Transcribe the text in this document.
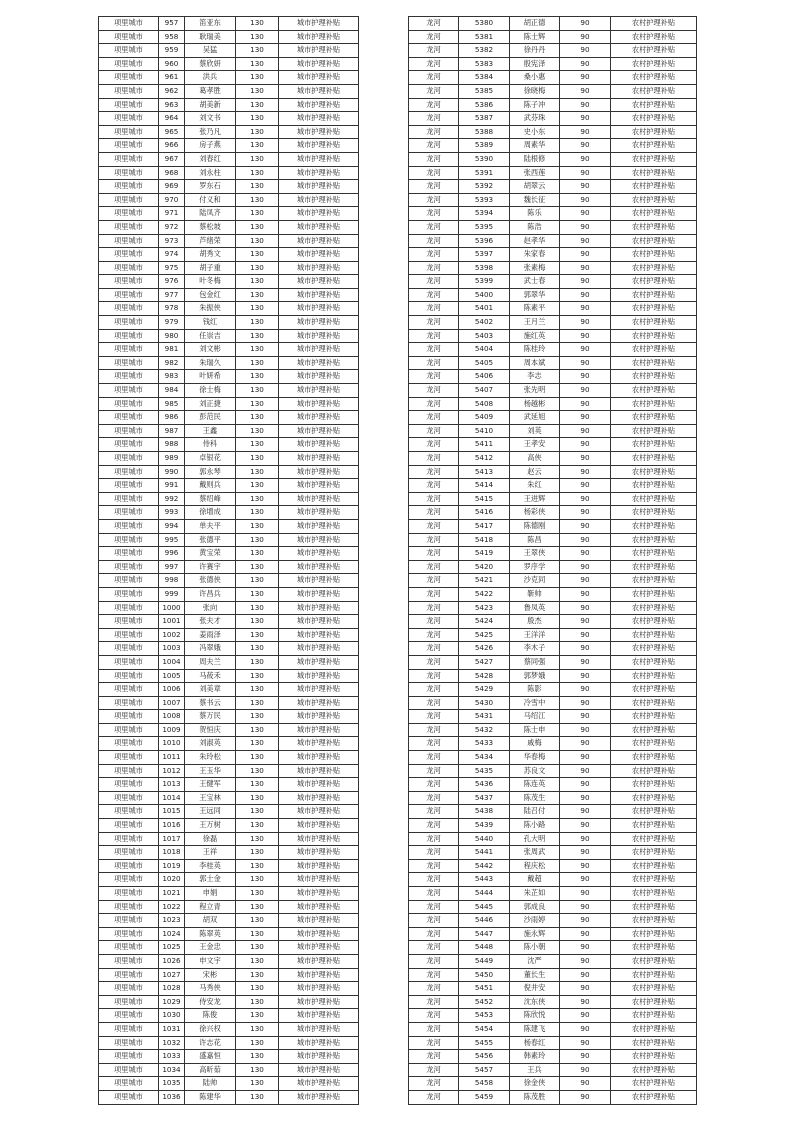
项里城市	957	笛亚东	130	城市护理补贴
项里城市	958	耿瑞美	130	城市护理补贴
项里城市	959	吴猛	130	城市护理补贴
项里城市	960	蔡欣妍	130	城市护理补贴
项里城市	961	洪兵	130	城市护理补贴
项里城市	962	葛孝胜	130	城市护理补贴
项里城市	963	胡美新	130	城市护理补贴
项里城市	964	刘文书	130	城市护理补贴
项里城市	965	张乃凡	130	城市护理补贴
项里城市	966	房子燕	130	城市护理补贴
项里城市	967	刘春红	130	城市护理补贴
项里城市	968	刘永柱	130	城市护理补贴
项里城市	969	罗东石	130	城市护理补贴
项里城市	970	付义和	130	城市护理补贴
项里城市	971	陆凤齐	130	城市护理补贴
项里城市	972	蔡松坡	130	城市护理补贴
项里城市	973	芦绪荣	130	城市护理补贴
项里城市	974	胡秀文	130	城市护理补贴
项里城市	975	胡子重	130	城市护理补贴
项里城市	976	叶冬梅	130	城市护理补贴
项里城市	977	包金红	130	城市护理补贴
项里城市	978	朱振侠	130	城市护理补贴
项里城市	979	钱红	130	城市护理补贴
项里城市	980	任崇吉	130	城市护理补贴
项里城市	981	刘文彬	130	城市护理补贴
项里城市	982	朱瑞久	130	城市护理补贴
项里城市	983	叶妍希	130	城市护理补贴
项里城市	984	徐士梅	130	城市护理补贴
项里城市	985	刘正捷	130	城市护理补贴
项里城市	986	彭范民	130	城市护理补贴
项里城市	987	王鑫	130	城市护理补贴
项里城市	988	侍科	130	城市护理补贴
项里城市	989	卓银花	130	城市护理补贴
项里城市	990	郭永琴	130	城市护理补贴
项里城市	991	戴则兵	130	城市护理补贴
项里城市	992	蔡绍峰	130	城市护理补贴
项里城市	993	徐增成	130	城市护理补贴
项里城市	994	单夫平	130	城市护理补贴
项里城市	995	张德平	130	城市护理补贴
项里城市	996	黄宝荣	130	城市护理补贴
项里城市	997	许赛宇	130	城市护理补贴
项里城市	998	张德侠	130	城市护理补贴
项里城市	999	许昌兵	130	城市护理补贴
项里城市	1000	张向	130	城市护理补贴
项里城市	1001	张夫才	130	城市护理补贴
项里城市	1002	姜雨泽	130	城市护理补贴
项里城市	1003	冯翠娥	130	城市护理补贴
项里城市	1004	周夫兰	130	城市护理补贴
项里城市	1005	马莜禾	130	城市护理补贴
项里城市	1006	刘美章	130	城市护理补贴
项里城市	1007	蔡书云	130	城市护理补贴
项里城市	1008	蔡万民	130	城市护理补贴
项里城市	1009	贺恒庆	130	城市护理补贴
项里城市	1010	刘淑英	130	城市护理补贴
项里城市	1011	朱玲松	130	城市护理补贴
项里城市	1012	王玉华	130	城市护理补贴
项里城市	1013	王健军	130	城市护理补贴
项里城市	1014	王宝林	130	城市护理补贴
项里城市	1015	王远同	130	城市护理补贴
项里城市	1016	王万树	130	城市护理补贴
项里城市	1017	徐磊	130	城市护理补贴
项里城市	1018	王祥	130	城市护理补贴
项里城市	1019	李桂英	130	城市护理补贴
项里城市	1020	郭士金	130	城市护理补贴
项里城市	1021	申娟	130	城市护理补贴
项里城市	1022	程立青	130	城市护理补贴
项里城市	1023	胡双	130	城市护理补贴
项里城市	1024	陈翠英	130	城市护理补贴
项里城市	1025	王金忠	130	城市护理补贴
项里城市	1026	申文宇	130	城市护理补贴
项里城市	1027	宋彬	130	城市护理补贴
项里城市	1028	马秀侠	130	城市护理补贴
项里城市	1029	侍安龙	130	城市护理补贴
项里城市	1030	陈俊	130	城市护理补贴
项里城市	1031	徐兴权	130	城市护理补贴
项里城市	1032	许志花	130	城市护理补贴
项里城市	1033	盛嘉恒	130	城市护理补贴
项里城市	1034	高昕茹	130	城市护理补贴
项里城市	1035	陆帅	130	城市护理补贴
项里城市	1036	陈建华	130	城市护理补贴
龙河	5380	胡正德	90	农村护理补贴
龙河	5381	陈士辉	90	农村护理补贴
龙河	5382	徐丹丹	90	农村护理补贴
龙河	5383	殷宪泽	90	农村护理补贴
龙河	5384	桑小惠	90	农村护理补贴
龙河	5385	徐晓梅	90	农村护理补贴
龙河	5386	陈子冲	90	农村护理补贴
龙河	5387	武芬珠	90	农村护理补贴
龙河	5388	史小东	90	农村护理补贴
龙河	5389	周素华	90	农村护理补贴
龙河	5390	陆根修	90	农村护理补贴
龙河	5391	张西莲	90	农村护理补贴
龙河	5392	胡翠云	90	农村护理补贴
龙河	5393	魏长征	90	农村护理补贴
龙河	5394	陈乐	90	农村护理补贴
龙河	5395	陈浩	90	农村护理补贴
龙河	5396	赵孝华	90	农村护理补贴
龙河	5397	朱家春	90	农村护理补贴
龙河	5398	张素梅	90	农村护理补贴
龙河	5399	武士春	90	农村护理补贴
龙河	5400	郭翠华	90	农村护理补贴
龙河	5401	陈素平	90	农村护理补贴
龙河	5402	王月兰	90	农村护理补贴
龙河	5403	施红英	90	农村护理补贴
龙河	5404	陈桂玲	90	农村护理补贴
龙河	5405	周本斌	90	农村护理补贴
龙河	5406	李志	90	农村护理补贴
龙河	5407	张先明	90	农村护理补贴
龙河	5408	杨越彬	90	农村护理补贴
龙河	5409	武延旭	90	农村护理补贴
龙河	5410	刘英	90	农村护理补贴
龙河	5411	王孝安	90	农村护理补贴
龙河	5412	高侠	90	农村护理补贴
龙河	5413	赵云	90	农村护理补贴
龙河	5414	朱红	90	农村护理补贴
龙河	5415	王进辉	90	农村护理补贴
龙河	5416	杨彩侠	90	农村护理补贴
龙河	5417	陈德刚	90	农村护理补贴
龙河	5418	陈昌	90	农村护理补贴
龙河	5419	王翠侠	90	农村护理补贴
龙河	5420	罗序学	90	农村护理补贴
龙河	5421	沙克同	90	农村护理补贴
龙河	5422	靳帅	90	农村护理补贴
龙河	5423	鲁凤英	90	农村护理补贴
龙河	5424	殷杰	90	农村护理补贴
龙河	5425	王洋洋	90	农村护理补贴
龙河	5426	李木子	90	农村护理补贴
龙河	5427	蔡同强	90	农村护理补贴
龙河	5428	郭梦娥	90	农村护理补贴
龙河	5429	陈影	90	农村护理补贴
龙河	5430	冷雪中	90	农村护理补贴
龙河	5431	马绍江	90	农村护理补贴
龙河	5432	陈士申	90	农村护理补贴
龙河	5433	戚梅	90	农村护理补贴
龙河	5434	华春梅	90	农村护理补贴
龙河	5435	苏良文	90	农村护理补贴
龙河	5436	陈连英	90	农村护理补贴
龙河	5437	陈茂生	90	农村护理补贴
龙河	5438	陆召付	90	农村护理补贴
龙河	5439	陈小路	90	农村护理补贴
龙河	5440	孔大明	90	农村护理补贴
龙河	5441	张周武	90	农村护理补贴
龙河	5442	程庆松	90	农村护理补贴
龙河	5443	戴超	90	农村护理补贴
龙河	5444	朱芷如	90	农村护理补贴
龙河	5445	郭成良	90	农村护理补贴
龙河	5446	沙雨婷	90	农村护理补贴
龙河	5447	施永辉	90	农村护理补贴
龙河	5448	陈小朝	90	农村护理补贴
龙河	5449	沈严	90	农村护理补贴
龙河	5450	董长生	90	农村护理补贴
龙河	5451	倪井安	90	农村护理补贴
龙河	5452	沈东侠	90	农村护理补贴
龙河	5453	陈欣悦	90	农村护理补贴
龙河	5454	陈建飞	90	农村护理补贴
龙河	5455	杨春红	90	农村护理补贴
龙河	5456	韩素玲	90	农村护理补贴
龙河	5457	王兵	90	农村护理补贴
龙河	5458	徐金侠	90	农村护理补贴
龙河	5459	陈茂胜	90	农村护理补贴
